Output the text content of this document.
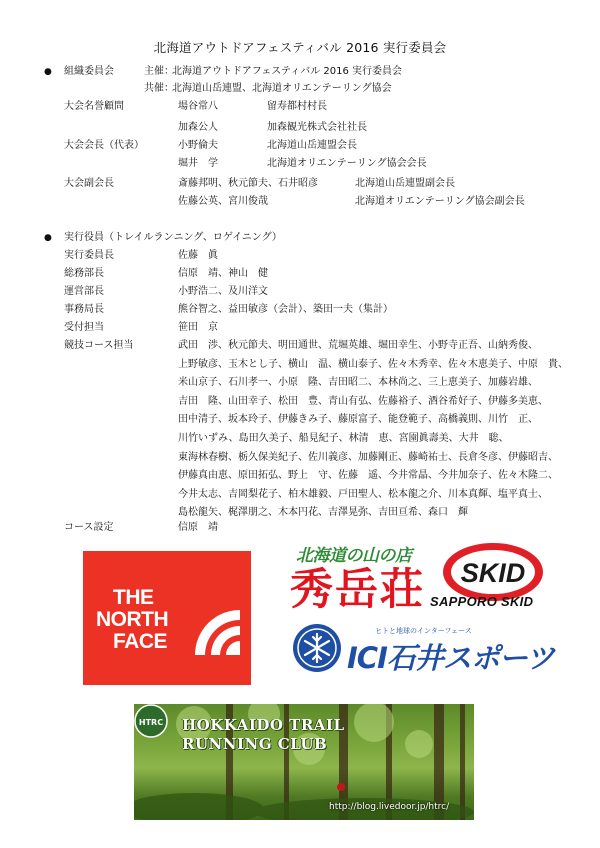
北海道アウトドアフェスティバル 2016 実行委員会
● 組織委員会	主催：
北海道アウトドアフェスティバル 2016 実行委員会
共催：
北海道山岳連盟、北海道オリエンテーリング協会
大会名誉顧問	場谷常八	留寿都村村長
加森公人	加森観光株式会社社長
大会会長（代表）	小野倫夫	北海道山岳連盟会長
堀井　学	北海道オリエンテーリング協会会長
大会副会長	斎藤邦明、秋元節夫、石井昭彦	北海道山岳連盟副会長
佐藤公英、宮川俊哉	北海道オリエンテーリング協会副会長
● 実行役員（トレイルランニング、ロゲイニング）
実行委員長	佐藤　眞
総務部長	信原　靖、神山　健
運営部長	小野浩二、及川洋文
事務局長	熊谷智之、益田敏彦（会計）、築田一夫（集計）
受付担当	笹田　京
競技コース担当	武田　渉、秋元節夫、明田通世、荒堀英雄、堀田幸生、小野寺正吾、山納秀俊、
上野敏彦、玉木とし子、横山　温、横山泰子、佐々木秀幸、佐々木恵美子、中原　貴、
米山京子、石川孝一、小原　隆、吉田昭二、本林尚之、三上恵美子、加藤岩雄、
吉田　隆、山田幸子、松田　豊、青山有弘、佐藤裕子、酒谷希好子、伊藤多美恵、
田中清子、坂本玲子、伊藤きみ子、藤原富子、能登範子、高橋義則、川竹　正、
川竹いずみ、島田久美子、船見紀子、林清　恵、宮園眞壽美、大井　聡、
東海林春樹、栃久保美紀子、佐川義彦、加藤剛正、藤崎祐士、長倉冬彦、伊藤昭吉、
伊藤真由恵、原田拓弘、野上　守、佐藤　遥、今井常晶、今井加奈子、佐々木隆二、
今井太志、吉岡梨花子、柏木雄毅、戸田聖人、松本龍之介、川本真輝、塩平真士、
島松龍矢、梶澤朋之、木本円花、吉澤晃弥、吉田亘希、森口　輝
コース設定	信原　靖
THE
NORTH
FACE
北海道の山の店
秀岳荘 SKID
SAPPORO SKID
ヒトと地球のインターフェース
ICI石井スポーツ
HTRC HOKKAIDO TRAIL
RUNNING CLUB
http://blog.livedoor.jp/htrc/
